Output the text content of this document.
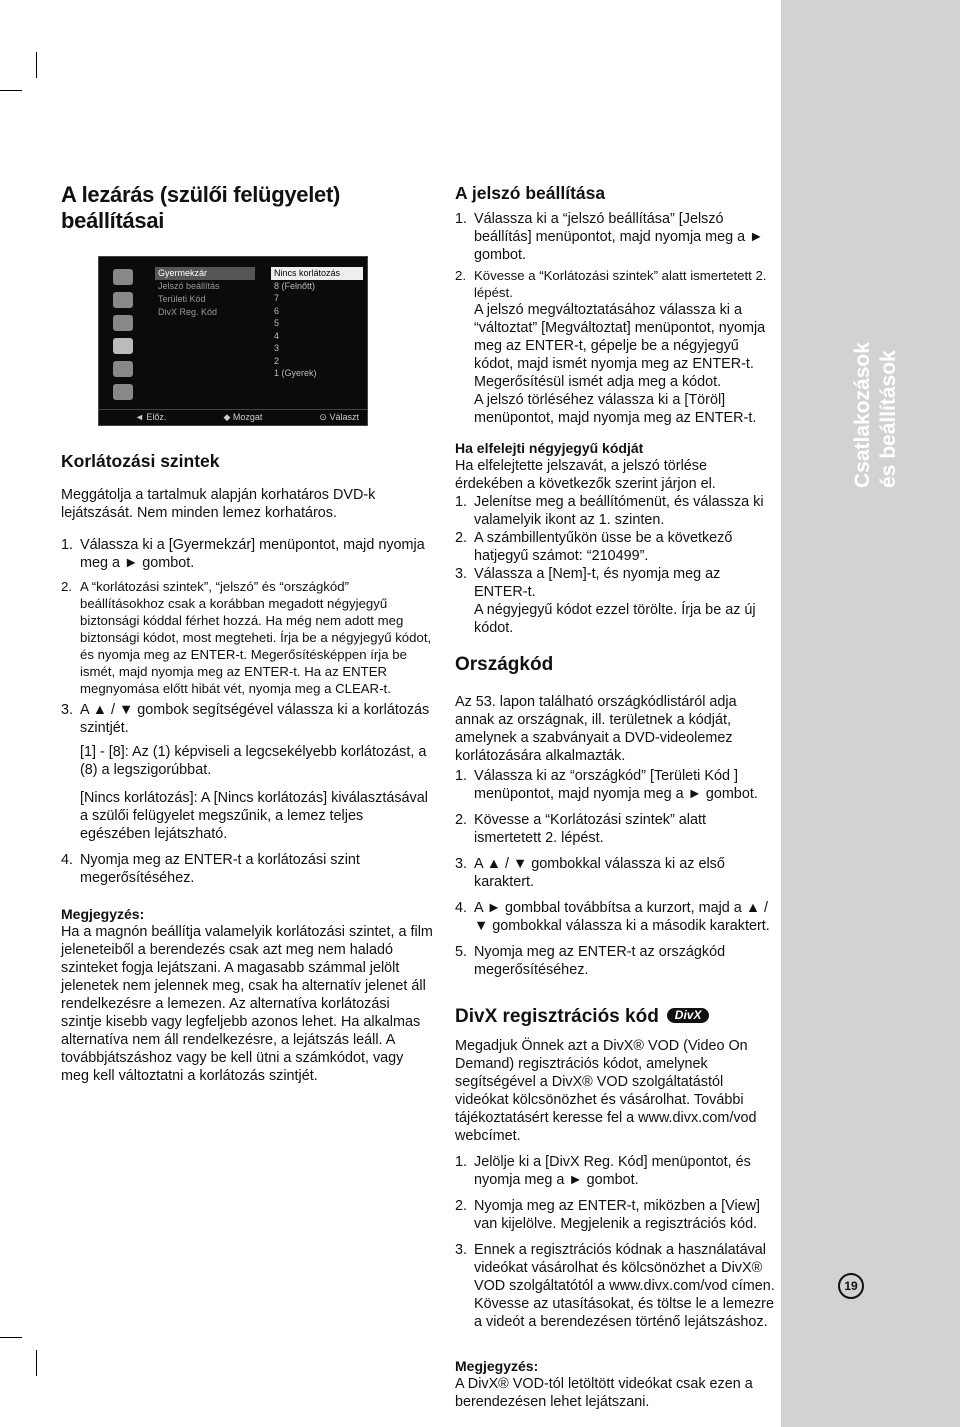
Csatlakozások és beállítások
A lezárás (szülői felügyelet) beállításai
Gyermekzár
Jelszó beállítás
Területi Kód
DivX Reg. Kód
Nincs korlátozás
8 (Felnőtt)
7
6
5
4
3
2
1 (Gyerek)
◄ Előz.	◆ Mozgat	⊙ Választ
Korlátozási szintek

Meggátolja a tartalmuk alapján korhatáros DVD-k lejátszását. Nem minden lemez korhatáros.

1. Válassza ki a [Gyermekzár] menüpontot, majd nyomja meg a ► gombot.
2. A “korlátozási szintek”, “jelszó” és “országkód” beállításokhoz csak a korábban megadott négyjegyű biztonsági kóddal férhet hozzá. Ha még nem adott meg biztonsági kódot, most megteheti. Írja be a négyjegyű kódot, és nyomja meg az ENTER-t. Megerősítésképpen írja be ismét, majd nyomja meg az ENTER-t. Ha az ENTER megnyomása előtt hibát vét, nyomja meg a CLEAR-t.
3. A ▲ / ▼ gombok segítségével válassza ki a korlátozás szintjét.

[1] - [8]: Az (1) képviseli a legcsekélyebb korlátozást, a (8) a legszigorúbbat.

[Nincs korlátozás]: A [Nincs korlátozás] kiválasztásával a szülői felügyelet megszűnik, a lemez teljes egészében lejátszható.

4. Nyomja meg az ENTER-t a korlátozási szint megerősítéséhez.
Megjegyzés:

Ha a magnón beállítja valamelyik korlátozási szintet, a film jeleneteiből a berendezés csak azt meg nem haladó szinteket fogja lejátszani. A magasabb számmal jelölt jelenetek nem jelennek meg, csak ha alternatív jelenet áll rendelkezésre a lemezen. Az alternatíva korlátozási szintje kisebb vagy legfeljebb azonos lehet. Ha alkalmas alternatíva nem áll rendelkezésre, a lejátszás leáll. A továbbjátszáshoz vagy be kell ütni a számkódot, vagy meg kell változtatni a korlátozás szintjét.

A jelszó beállítása
1. Válassza ki a “jelszó beállítása” [Jelszó beállítás] menüpontot, majd nyomja meg a ► gombot.
2. Kövesse a “Korlátozási szintek” alatt ismertetett 2. lépést.

A jelszó megváltoztatásához válassza ki a “változtat” [Megváltoztat] menüpontot, nyomja meg az ENTER-t, gépelje be a négyjegyű kódot, majd ismét nyomja meg az ENTER-t. Megerősítésül ismét adja meg a kódot.

A jelszó törléséhez válassza ki a [Töröl] menüpontot, majd nyomja meg az ENTER-t.

Ha elfelejti négyjegyű kódját

Ha elfelejtette jelszavát, a jelszó törlése érdekében a következők szerint járjon el.

1. Jelenítse meg a beállítómenüt, és válassza ki valamelyik ikont az 1. szinten.
2. A számbillentyűkön üsse be a következő hatjegyű számot: “210499”.
3. Válassza a [Nem]-t, és nyomja meg az ENTER-t.

A négyjegyű kódot ezzel törölte. Írja be az új kódot.

Országkód

Az 53. lapon található országkódlistáról adja annak az országnak, ill. területnek a kódját, amelynek a szabványait a DVD-videolemez korlátozására alkalmazták.

1. Válassza ki az “országkód” [Területi Kód ] menüpontot, majd nyomja meg a ► gombot.
2. Kövesse a “Korlátozási szintek” alatt ismertetett 2. lépést.
3. A ▲ / ▼ gombokkal válassza ki az első karaktert.
4. A ► gombbal továbbítsa a kurzort, majd a ▲ / ▼ gombokkal válassza ki a második karaktert.
5. Nyomja meg az ENTER-t az országkód megerősítéséhez.
DivX regisztrációs kód DivX

Megadjuk Önnek azt a DivX® VOD (Video On Demand) regisztrációs kódot, amelynek segítségével a DivX® VOD szolgáltatástól videókat kölcsönözhet és vásárolhat. További tájékoztatásért keresse fel a www.divx.com/vod webcímet.

1. Jelölje ki a [DivX Reg. Kód] menüpontot, és nyomja meg a ► gombot.
2. Nyomja meg az ENTER-t, miközben a [View] van kijelölve. Megjelenik a regisztrációs kód.
3. Ennek a regisztrációs kódnak a használatával videókat vásárolhat és kölcsönözhet a DivX® VOD szolgáltatótól a www.divx.com/vod címen. Kövesse az utasításokat, és töltse le a lemezre a videót a berendezésen történő lejátszáshoz.
Megjegyzés:

A DivX® VOD-tól letöltött videókat csak ezen a berendezésen lehet lejátszani.

19
